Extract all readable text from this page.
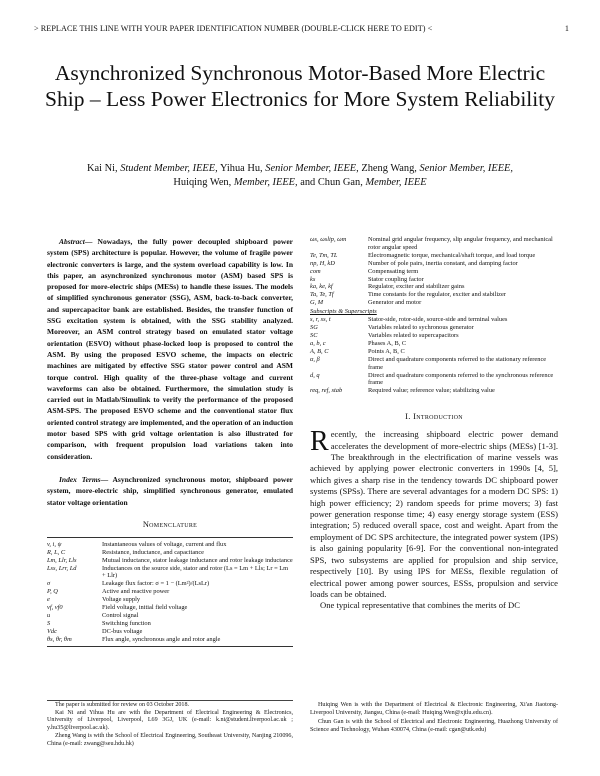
> REPLACE THIS LINE WITH YOUR PAPER IDENTIFICATION NUMBER (DOUBLE-CLICK HERE TO EDIT) <	1
Asynchronized Synchronous Motor-Based More Electric Ship – Less Power Electronics for More System Reliability
Kai Ni, Student Member, IEEE, Yihua Hu, Senior Member, IEEE, Zheng Wang, Senior Member, IEEE,
Huiqing Wen, Member, IEEE, and Chun Gan, Member, IEEE

Abstract— Nowadays, the fully power decoupled shipboard power system (SPS) architecture is popular. However, the volume of fragile power electronic converters is large, and the system overload capability is low. In this paper, an asynchronized synchronous motor (ASM) based SPS is proposed for more-electric ships (MESs) to handle these issues. The models of simplified synchronous generator (SSG), ASM, back-to-back converter, and supercapacitor bank are established. Besides, the transfer function of SSG excitation system is obtained, with the SSG stability analyzed. Moreover, an ASM control strategy based on emulated stator voltage orientation (ESVO) without phase-locked loop is proposed to control the ASM. By using the proposed ESVO scheme, the impacts on electric machines are mitigated by effective SSG stator power control and ASM torque control. High quality of the three-phase voltage and current waveforms can also be obtained. Furthermore, the simulation study is carried out in Matlab/Simulink to verify the performance of the proposed ASM-SPS. The proposed ESVO scheme and the conventional stator flux oriented control strategy are implemented, and the operation of an induction motor based SPS with grid voltage orientation is also illustrated for comparison, with frequent propulsion load variations taken into consideration.

Index Terms— Asynchronized synchronous motor, shipboard power system, more-electric ship, simplified synchronous generator, emulated stator voltage orientation

Nomenclature
v, i, ψ	Instantaneous values of voltage, current and flux
R, L, C	Resistance, inductance, and capacitance
Lm, Llr, Lls	Mutual inductance, stator leakage inductance and rotor leakage inductance
Lss, Lrr, Ld	Inductances on the source side, stator and rotor (Ls = Lm + Lls; Lr = Lm + Llr)
σ	Leakage flux factor: σ = 1 − (Lm²)/(LsLr)
P, Q	Active and reactive power
e	Voltage supply
vf, vf0	Field voltage, initial field voltage
u	Control signal
S	Switching function
Vdc	DC-bus voltage
θs, θr, θm	Flux angle, synchronous angle and rotor angle
ωs, ωslip, ωm	Nominal grid angular frequency, slip angular frequency, and mechanical rotor angular speed
Te, Tm, TL	Electromagnetic torque, mechanical/shaft torque, and load torque
np, H, kD	Number of pole pairs, inertia constant, and damping factor
com	Compensating term
ks	Stator coupling factor
ka, ke, kf	Regulator, exciter and stabilizer gains
Ta, Te, Tf	Time constants for the regulator, exciter and stabilizer
G, M	Generator and motor
Subscripts & Superscripts
s, r, ss, t	Stator-side, rotor-side, source-side and terminal values
SG	Variables related to sychronous generator
SC	Variables related to supercapacitors
a, b, c	Phases A, B, C
A, B, C	Points A, B, C
α, β	Direct and quadrature components referred to the stationary reference frame
d, q	Direct and quadrature components referred to the synchronous reference frame
req, ref, stab	Required value; reference value; stabilizing value
I. Introduction

Recently, the increasing shipboard electric power demand accelerates the development of more-electric ships (MESs) [1-3]. The breakthrough in the electrification of marine vessels was achieved by applying power electronic converters in 1990s [4, 5], which gives a sharp rise in the tendency towards DC shipboard power systems (SPSs). There are several advantages for a modern DC SPS: 1) high power efficiency; 2) random speeds for prime movers; 3) fast power generation response time; 4) easy energy storage system (ESS) integration; 5) reduced overall space, cost and weight. Apart from the employment of DC SPS architecture, the integrated power system (IPS) is also gaining popularity [6-9]. For the conventional non-integrated SPS, two subsystems are applied for propulsion and ship service, respectively [10]. By using IPS for MESs, flexible regulation of electrical power among power sources, ESSs, propulsion and service loads can be obtained.

One typical representative that combines the merits of DC

The paper is submitted for review on 03 October 2018.

Kai Ni and Yihua Hu are with the Department of Electrical Engineering & Electronics, University of Liverpool, Liverpool, L69 3GJ, UK (e-mail: k.ni@student.liverpool.ac.uk ; y.hu35@liverpool.ac.uk).

Zheng Wang is with the School of Electrical Engineering, Southeast University, Nanjing 210096, China (e-mail: zwang@seu.hdu.hk)

Huiqing Wen is with the Department of Electrical & Electronic Engineering, Xi'an Jiaotong-Liverpool University, Jiangsu, China (e-mail: Huiqing.Wen@xjtlu.edu.cn).

Chun Gan is with the School of Electrical and Electronic Engineering, Huazhong University of Science and Technology, Wuhan 430074, China (e-mail: cgan@utk.edu)
